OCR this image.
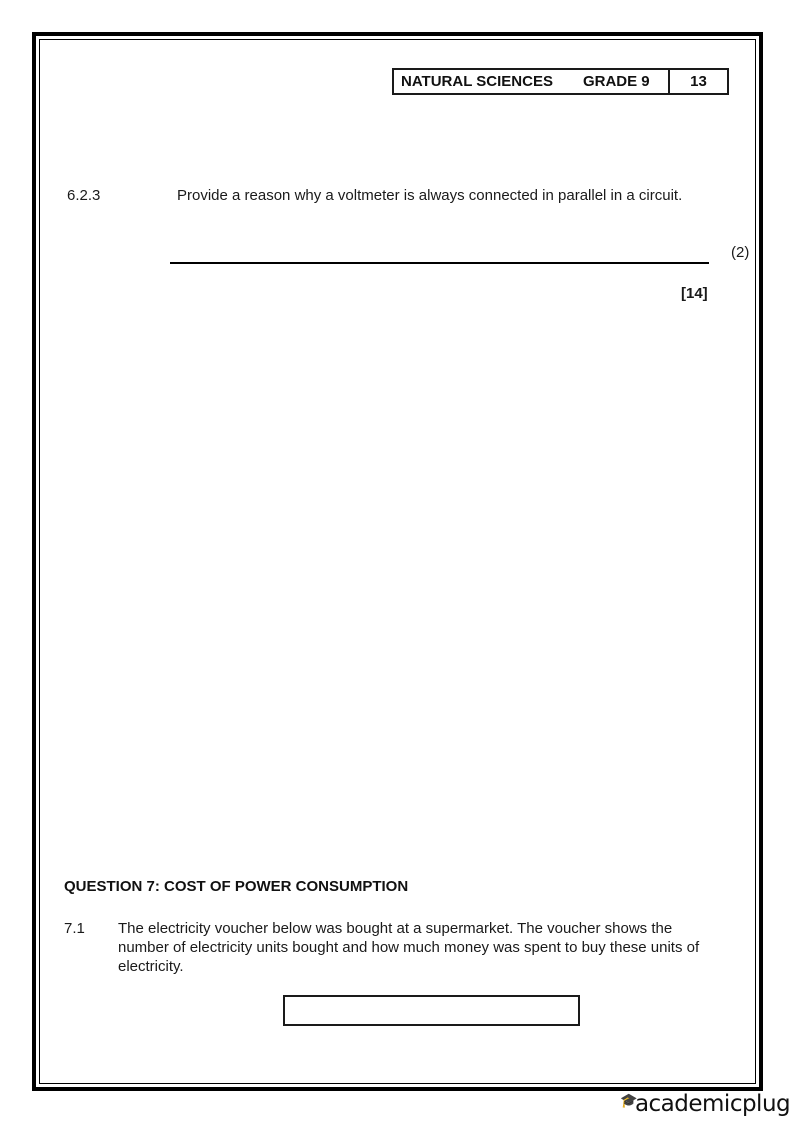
NATURAL SCIENCES GRADE 9	13
6.2.3	Provide a reason why a voltmeter is always connected in parallel in a circuit.
(2)
[14]
QUESTION 7: COST OF POWER CONSUMPTION
7.1 The electricity voucher below was bought at a supermarket. The voucher shows the number of electricity units bought and how much money was spent to buy these units of electricity.
🎓
academicplug
